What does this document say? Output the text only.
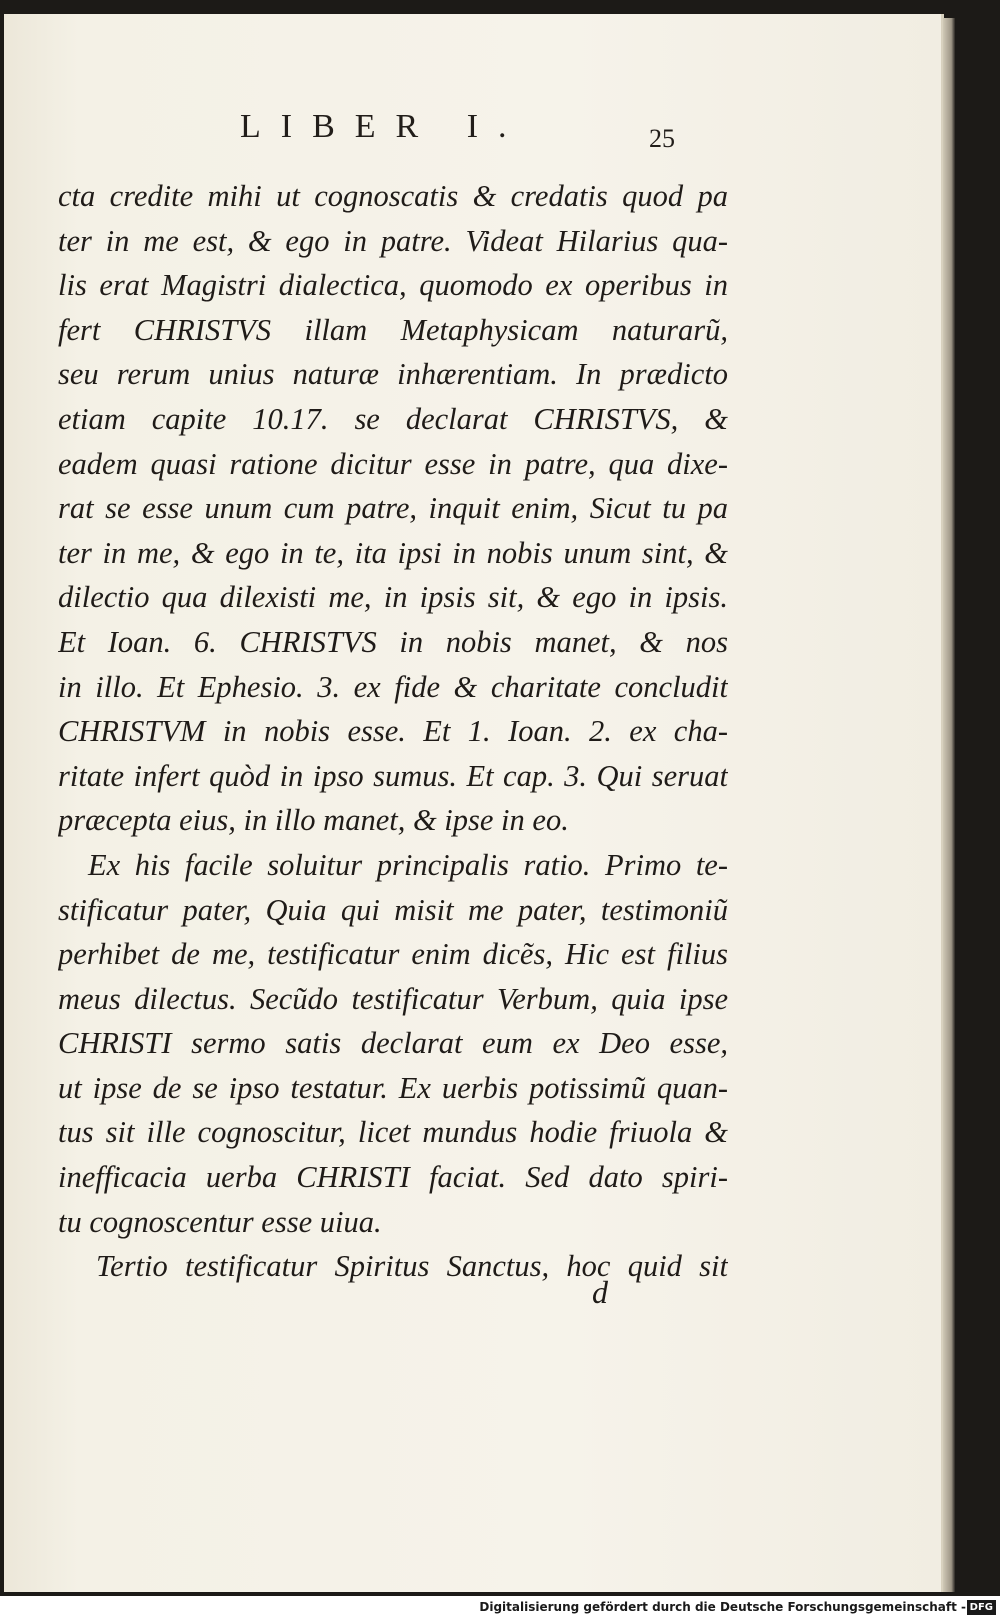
LIBER I.	25
cta credite mihi ut cognoscatis & credatis quod pa
ter in me est, & ego in patre. Videat Hilarius qua-
lis erat Magistri dialectica, quomodo ex operibus in
fert CHRISTVS illam Metaphysicam naturarũ,
seu rerum unius naturæ inhærentiam. In prædicto
etiam capite 10.17. se declarat CHRISTVS, &
eadem quasi ratione dicitur esse in patre, qua dixe-
rat se esse unum cum patre, inquit enim, Sicut tu pa
ter in me, & ego in te, ita ipsi in nobis unum sint, &
dilectio qua dilexisti me, in ipsis sit, & ego in ipsis.
Et Ioan. 6. CHRISTVS in nobis manet, & nos
in illo. Et Ephesio. 3. ex fide & charitate concludit
CHRISTVM in nobis esse. Et 1. Ioan. 2. ex cha-
ritate infert quòd in ipso sumus. Et cap. 3. Qui seruat
præcepta eius, in illo manet, & ipse in eo.
Ex his facile soluitur principalis ratio. Primo te-
stificatur pater, Quia qui misit me pater, testimoniũ
perhibet de me, testificatur enim dicẽs, Hic est filius
meus dilectus. Secũdo testificatur Verbum, quia ipse
CHRISTI sermo satis declarat eum ex Deo esse,
ut ipse de se ipso testatur. Ex uerbis potissimũ quan-
tus sit ille cognoscitur, licet mundus hodie friuola &
inefficacia uerba CHRISTI faciat. Sed dato spiri-
tu cognoscentur esse uiua.
Tertio testificatur Spiritus Sanctus, hoc quid sit
d
Digitalisierung gefördert durch die Deutsche Forschungsgemeinschaft - DFG
